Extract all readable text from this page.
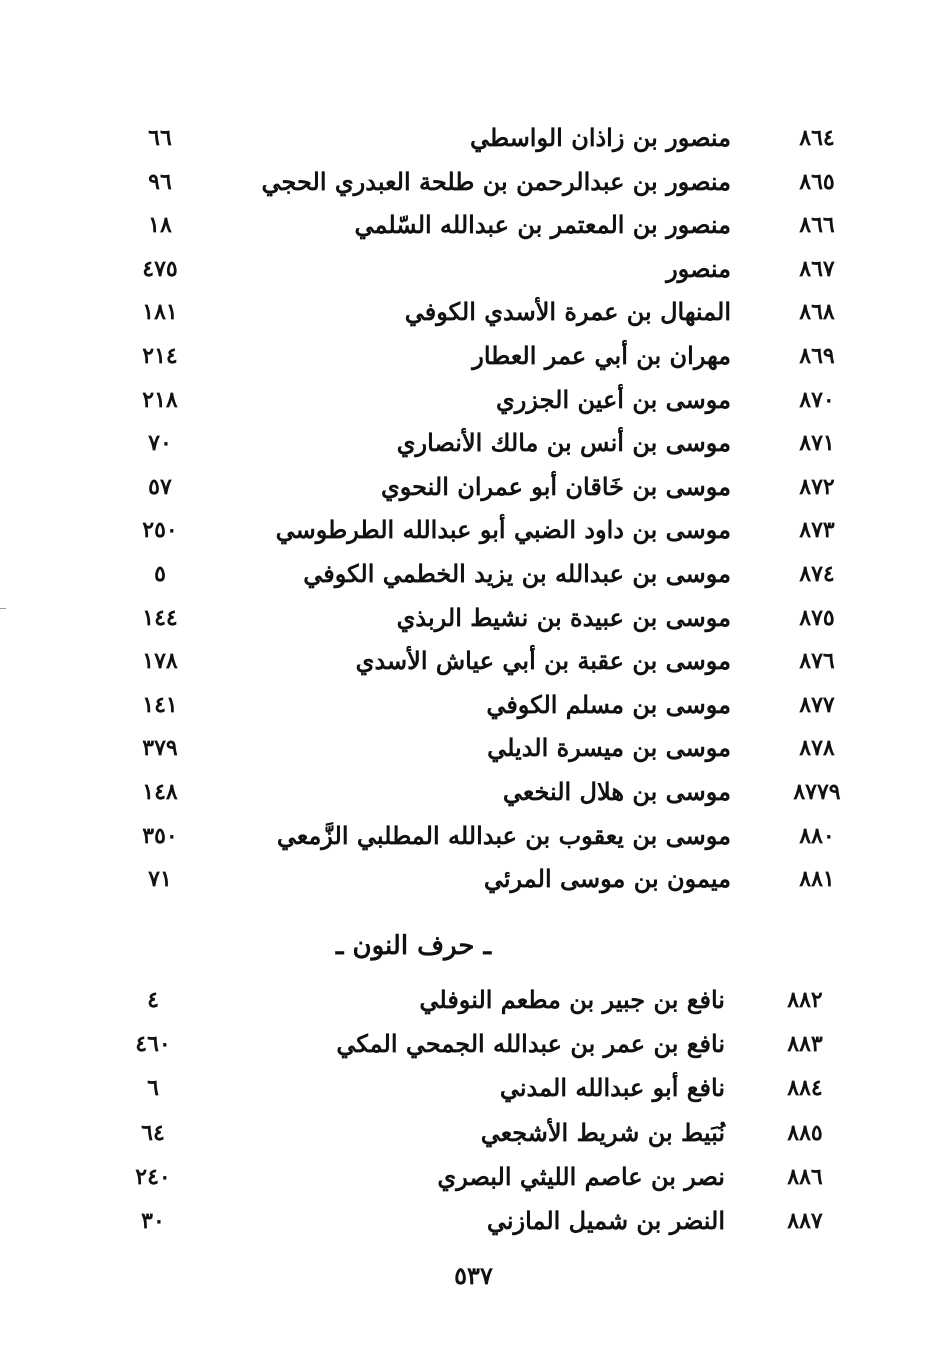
٨٦٤
منصور بن زاذان الواسطي
٦٦
٨٦٥
منصور بن عبدالرحمن بن طلحة العبدري الحجي
٩٦
٨٦٦
منصور بن المعتمر بن عبدالله السّلمي
١٨
٨٦٧
منصور
٤٧٥
٨٦٨
المنهال بن عمرة الأسدي الكوفي
١٨١
٨٦٩
مهران بن أبي عمر العطار
٢١٤
٨٧٠
موسى بن أعين الجزري
٢١٨
٨٧١
موسى بن أنس بن مالك الأنصاري
٧٠
٨٧٢
موسى بن خَاقان أبو عمران النحوي
٥٧
٨٧٣
موسى بن داود الضبي أبو عبدالله الطرطوسي
٢٥٠
٨٧٤
موسى بن عبدالله بن يزيد الخطمي الكوفي
٥
٨٧٥
موسى بن عبيدة بن نشيط الربذي
١٤٤
٨٧٦
موسى بن عقبة بن أبي عياش الأسدي
١٧٨
٨٧٧
موسى بن مسلم الكوفي
١٤١
٨٧٨
موسى بن ميسرة الديلي
٣٧٩
٨٧٧٩
موسى بن هلال النخعي
١٤٨
٨٨٠
موسى بن يعقوب بن عبدالله المطلبي الزَّمعي
٣٥٠
٨٨١
ميمون بن موسى المرئي
٧١
ـ حرف النون ـ
٨٨٢
نافع بن جبير بن مطعم النوفلي
٤
٨٨٣
نافع بن عمر بن عبدالله الجمحي المكي
٤٦٠
٨٨٤
نافع أبو عبدالله المدني
٦
٨٨٥
نُبَيط بن شريط الأشجعي
٦٤
٨٨٦
نصر بن عاصم الليثي البصري
٢٤٠
٨٨٧
النضر بن شميل المازني
٣٠
٥٣٧
